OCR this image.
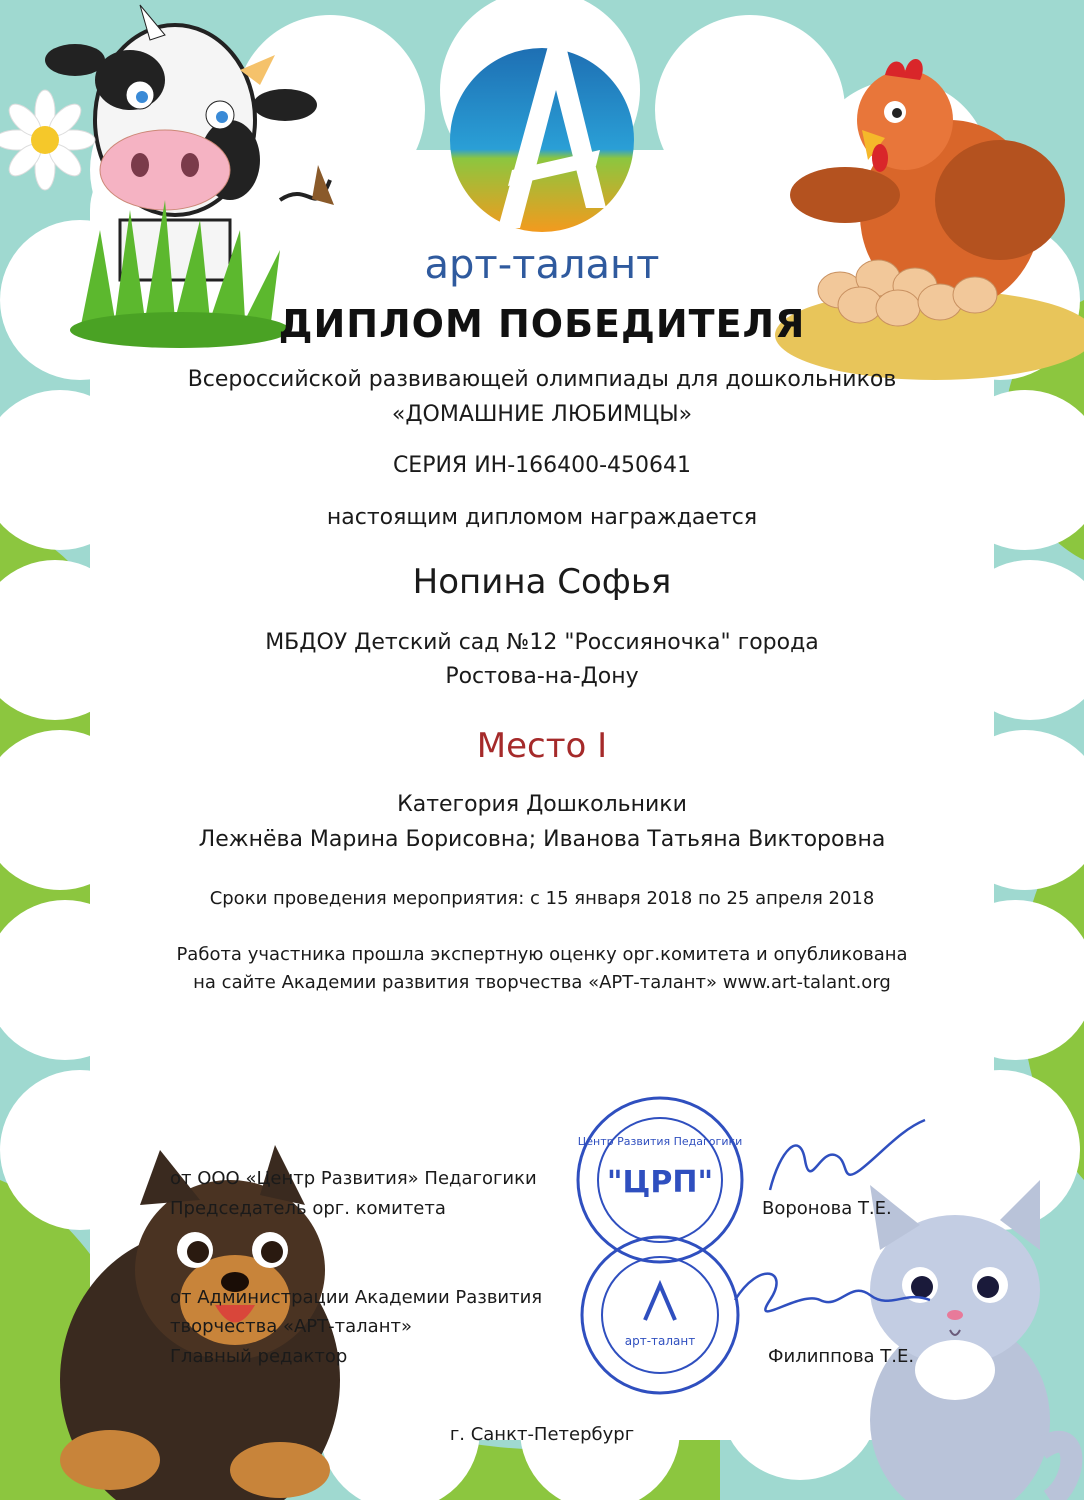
"ЦРП"
Центр Развития Педагогики
арт-талант

арт-талант

ДИПЛОМ ПОБЕДИТЕЛЯ

Всероссийской развивающей олимпиады для дошкольников

«ДОМАШНИЕ ЛЮБИМЦЫ»

СЕРИЯ ИН-166400-450641

настоящим дипломом награждается

Нопина Софья

МБДОУ Детский сад №12 "Россияночка" города

Ростова-на-Дону

Место I

Категория Дошкольники

Лежнёва Марина Борисовна; Иванова Татьяна Викторовна

Сроки проведения мероприятия: с 15 января 2018 по 25 апреля 2018

Работа участника прошла экспертную оценку орг.комитета и опубликована

на сайте Академии развития творчества «АРТ-талант» www.art-talant.org

от ООО «Центр Развития» Педагогики

Председатель орг. комитета	Воронова Т.Е.

от Администрации Академии Развития

творчества «АРТ-талант»

Главный редактор	Филиппова Т.Е.

г. Санкт-Петербург
